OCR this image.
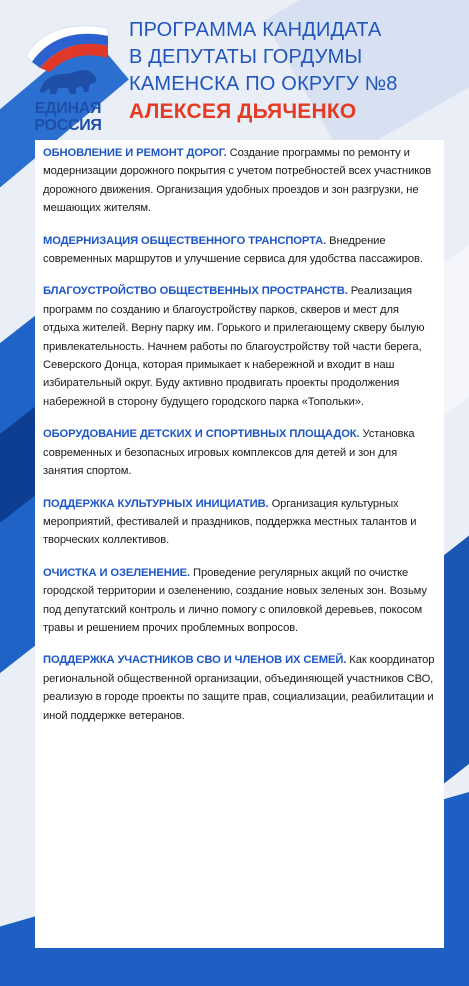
ЕДИНАЯ
РОССИЯ
ПРОГРАММА КАНДИДАТА
В ДЕПУТАТЫ ГОРДУМЫ
КАМЕНСКА ПО ОКРУГУ №8
АЛЕКСЕЯ ДЬЯЧЕНКО
ОБНОВЛЕНИЕ И РЕМОНТ ДОРОГ. Создание программы по ремонту и модернизации дорожного покрытия с учетом потребностей всех участников дорожного движения. Организация удобных проездов и зон разгрузки, не мешающих жителям.
МОДЕРНИЗАЦИЯ ОБЩЕСТВЕННОГО ТРАНСПОРТА. Внедрение современных маршрутов и улучшение сервиса для удобства пассажиров.
БЛАГОУСТРОЙСТВО ОБЩЕСТВЕННЫХ ПРОСТРАНСТВ. Реализация программ по созданию и благоустройству парков, скверов и мест для отдыха жителей. Верну парку им. Горького и прилегающему скверу былую привлекательность. Начнем работы по благоустройству той части берега, Северского Донца, которая примыкает к набережной и входит в наш избирательный округ. Буду активно продвигать проекты продолжения набережной в сторону будущего городского парка «Топольки».
ОБОРУДОВАНИЕ ДЕТСКИХ И СПОРТИВНЫХ ПЛОЩАДОК. Установка современных и безопасных игровых комплексов для детей и зон для занятия спортом.
ПОДДЕРЖКА КУЛЬТУРНЫХ ИНИЦИАТИВ. Организация культурных мероприятий, фестивалей и праздников, поддержка местных талантов и творческих коллективов.
ОЧИСТКА И ОЗЕЛЕНЕНИЕ. Проведение регулярных акций по очистке городской территории и озеленению, создание новых зеленых зон. Возьму под депутатский контроль и лично помогу с опиловкой деревьев, покосом травы и решением прочих проблемных вопросов.
ПОДДЕРЖКА УЧАСТНИКОВ СВО И ЧЛЕНОВ ИХ СЕМЕЙ. Как координатор региональной общественной организации, объединяющей участников СВО, реализую в городе проекты по защите прав, социализации, реабилитации и иной поддержке ветеранов.
